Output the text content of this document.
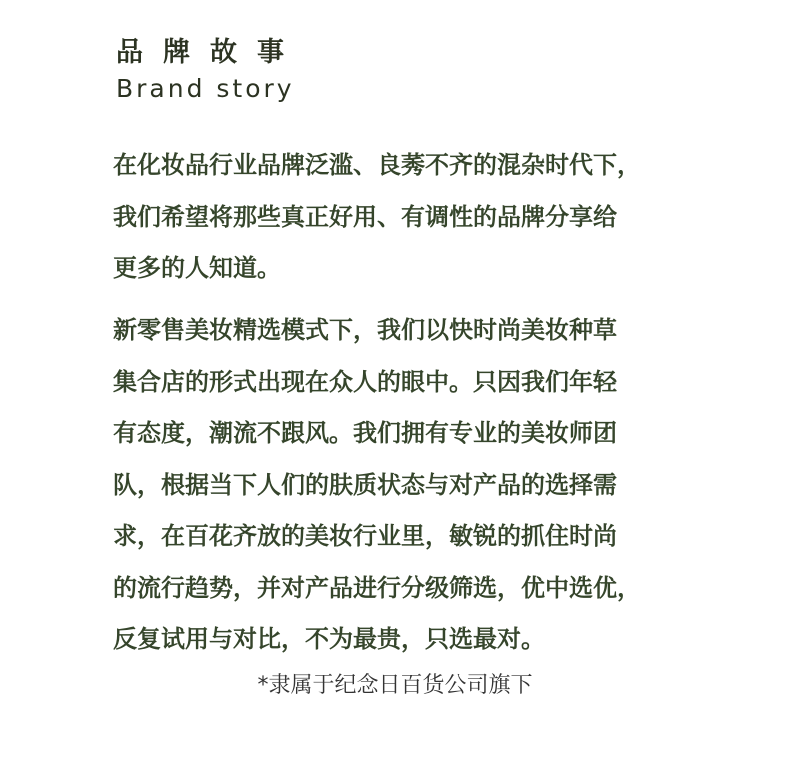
品牌故事
Brand story

在化妆品行业品牌泛滥、良莠不齐的混杂时代下，
我们希望将那些真正好用、有调性的品牌分享给
更多的人知道。

新零售美妆精选模式下，我们以快时尚美妆种草
集合店的形式出现在众人的眼中。只因我们年轻
有态度，潮流不跟风。我们拥有专业的美妆师团
队，根据当下人们的肤质状态与对产品的选择需
求，在百花齐放的美妆行业里，敏锐的抓住时尚
的流行趋势，并对产品进行分级筛选，优中选优，
反复试用与对比，不为最贵，只选最对。

*隶属于纪念日百货公司旗下
